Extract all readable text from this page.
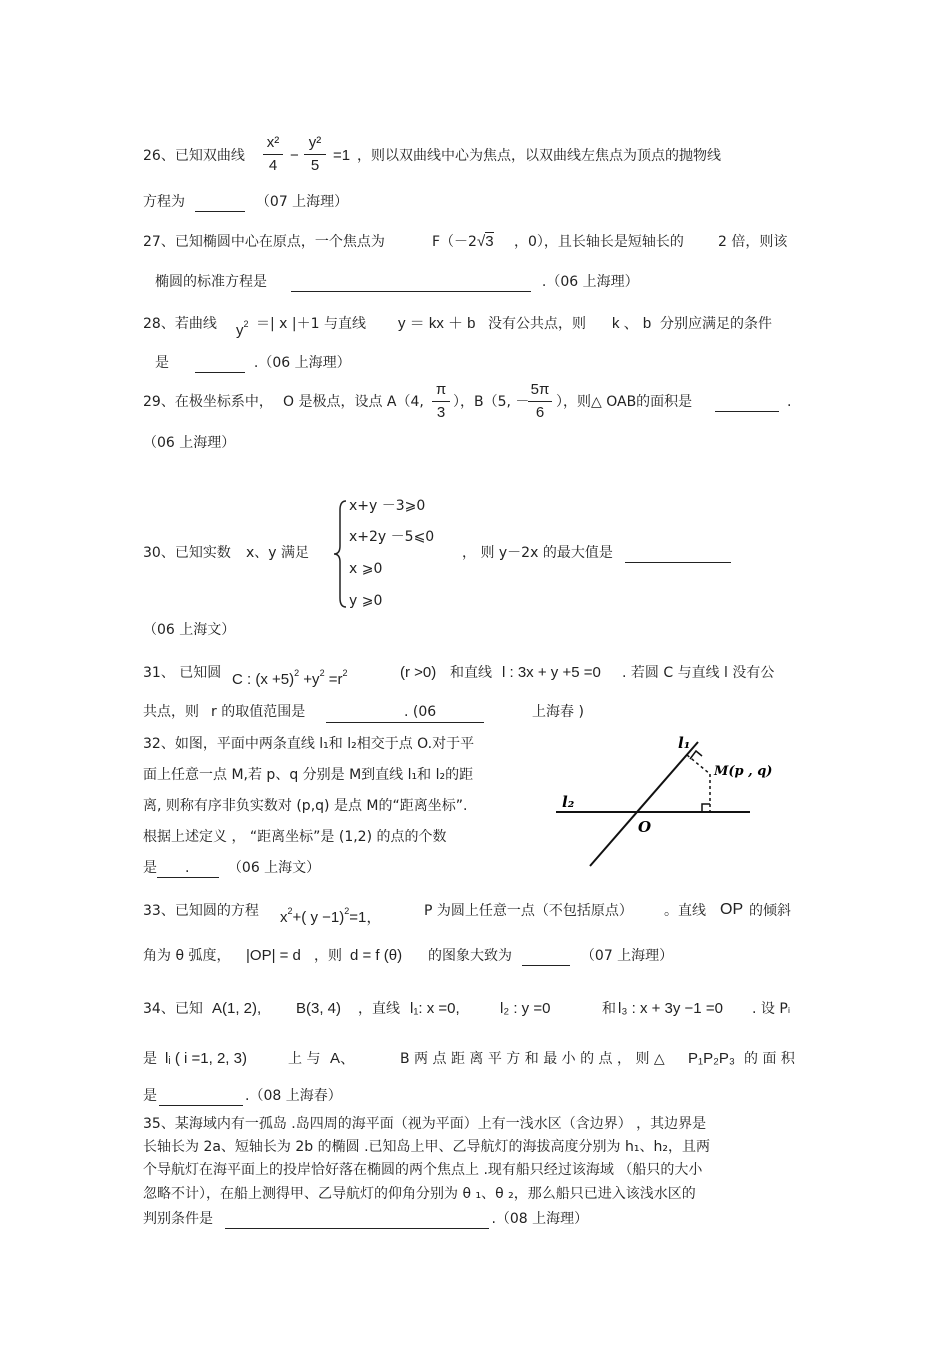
26、已知双曲线
x²
4
−
y²
5
=1 ，则以双曲线中心为焦点，以双曲线左焦点为顶点的抛物线
方程为	（07 上海理）
27、已知椭圆中心在原点，一个焦点为	F（－2√3 ，0），且长轴长是短轴长的 2 倍，则该
椭圆的标准方程是	.（06 上海理）
28、若曲线 $y^2$ ＝| x |＋1 与直线 y ＝ kx ＋ b 没有公共点，则 k 、 b 分别应满足的条件
是	.（06 上海理）
29、在极坐标系中， O 是极点，设点 A（4,
π
3
），B（5, －
5π
6
），则△ OAB的面积是	.
（06 上海理）
30、已知实数 x、y 满足
x+y －3⩾0
x+2y －5⩽0
x ⩾0
y ⩾0
， 则 y－2x 的最大值是
（06 上海文）
31、 已知圆 C : $(x +5)^2 +y^2 =r^2$	(r >0) 和直线 l : 3x + y +5 =0 . 若圆 C 与直线 l 没有公
共点，则 r 的取值范围是	. (06	上海春 )
32、如图，平面中两条直线 l₁和 l₂相交于点 O.对于平
面上任意一点 M,若 p、q 分别是 M到直线 l₁和 l₂的距
离, 则称有序非负实数对 (p,q) 是点 M的“距离坐标”.
根据上述定义 ， “距离坐标”是 (1,2) 的点的个数
是 .	（06 上海文）
l₁
l₂
M(p , q)
O
33、已知圆的方程 $x^2+$( y −1)$^2$=1，	P 为圆上任意一点（不包括原点） 。直线 OP 的倾斜
角为 θ 弧度， |OP| = d ，则 d = f (θ) 的图象大致为	（07 上海理）
34、已知 A(1, 2), B(3, 4) ，直线 l₁: x =0,	l₂ : y =0	和 l₃ : x + 3y −1 =0 . 设 Pᵢ
是 lᵢ ( i =1, 2, 3)	上 与 A、	B 两 点 距 离 平 方 和 最 小 的 点 ， 则 △ P₁P₂P₃ 的 面 积
是	.（08 上海春）
35、某海域内有一孤岛 .岛四周的海平面（视为平面）上有一浅水区（含边界） ，其边界是
长轴长为 2a、短轴长为 2b 的椭圆 .已知岛上甲、乙导航灯的海拔高度分别为 h₁、h₂，且两
个导航灯在海平面上的投岸恰好落在椭圆的两个焦点上 .现有船只经过该海域 （船只的大小
忽略不计），在船上测得甲、乙导航灯的仰角分别为 θ ₁、θ ₂，那么船只已进入该浅水区的
判别条件是	.（08 上海理）
